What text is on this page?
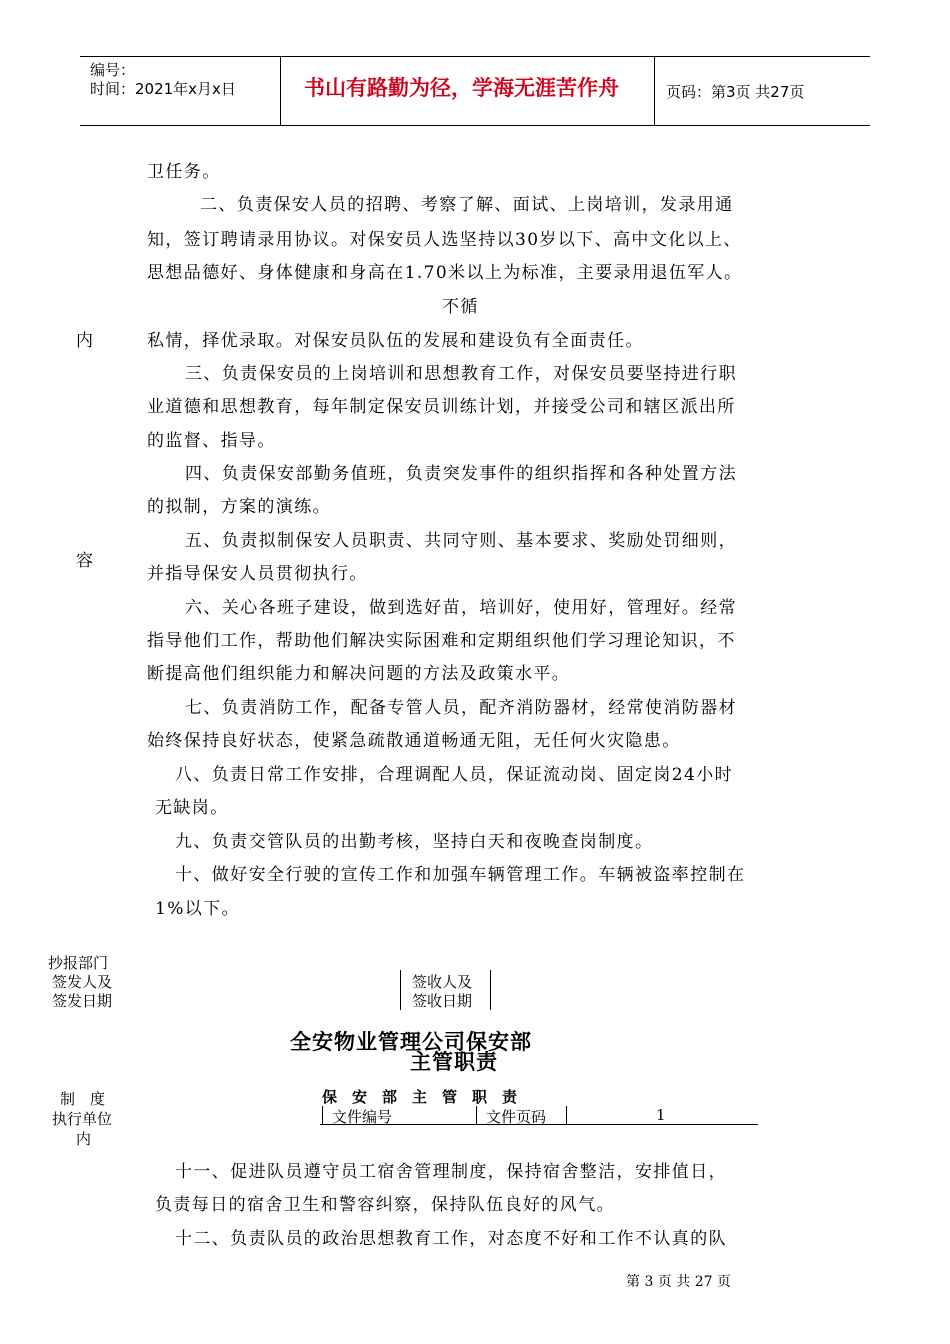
编号：
时间：2021年x月x日	书山有路勤为径，学海无涯苦作舟	页码：第3页 共27页
内
容
卫任务。
二、负责保安人员的招聘、考察了解、面试、上岗培训，发录用通
知，签订聘请录用协议。对保安员人选坚持以30岁以下、高中文化以上、
思想品德好、身体健康和身高在1.70米以上为标准，主要录用退伍军人。
不循
私情，择优录取。对保安员队伍的发展和建设负有全面责任。
三、负责保安员的上岗培训和思想教育工作，对保安员要坚持进行职
业道德和思想教育，每年制定保安员训练计划，并接受公司和辖区派出所
的监督、指导。
四、负责保安部勤务值班，负责突发事件的组织指挥和各种处置方法
的拟制，方案的演练。
五、负责拟制保安人员职责、共同守则、基本要求、奖励处罚细则，
并指导保安人员贯彻执行。
六、关心各班子建设，做到选好苗，培训好，使用好，管理好。经常
指导他们工作，帮助他们解决实际困难和定期组织他们学习理论知识，不
断提高他们组织能力和解决问题的方法及政策水平。
七、负责消防工作，配备专管人员，配齐消防器材，经常使消防器材
始终保持良好状态，使紧急疏散通道畅通无阻，无任何火灾隐患。
八、负责日常工作安排，合理调配人员，保证流动岗、固定岗24小时
无缺岗。
九、负责交管队员的出勤考核，坚持白天和夜晚查岗制度。
十、做好安全行驶的宣传工作和加强车辆管理工作。车辆被盗率控制在
1%以下。
抄报部门
签发人及
签发日期
签收人及
签收日期
全安物业管理公司保安部
主管职责
制　度
执行单位
内
保　安　部　主　管　职　责
文件编号	文件页码	1
十一、促进队员遵守员工宿舍管理制度，保持宿舍整洁，安排值日，
负责每日的宿舍卫生和警容纠察，保持队伍良好的风气。
十二、负责队员的政治思想教育工作，对态度不好和工作不认真的队
第 3 页 共 27 页
